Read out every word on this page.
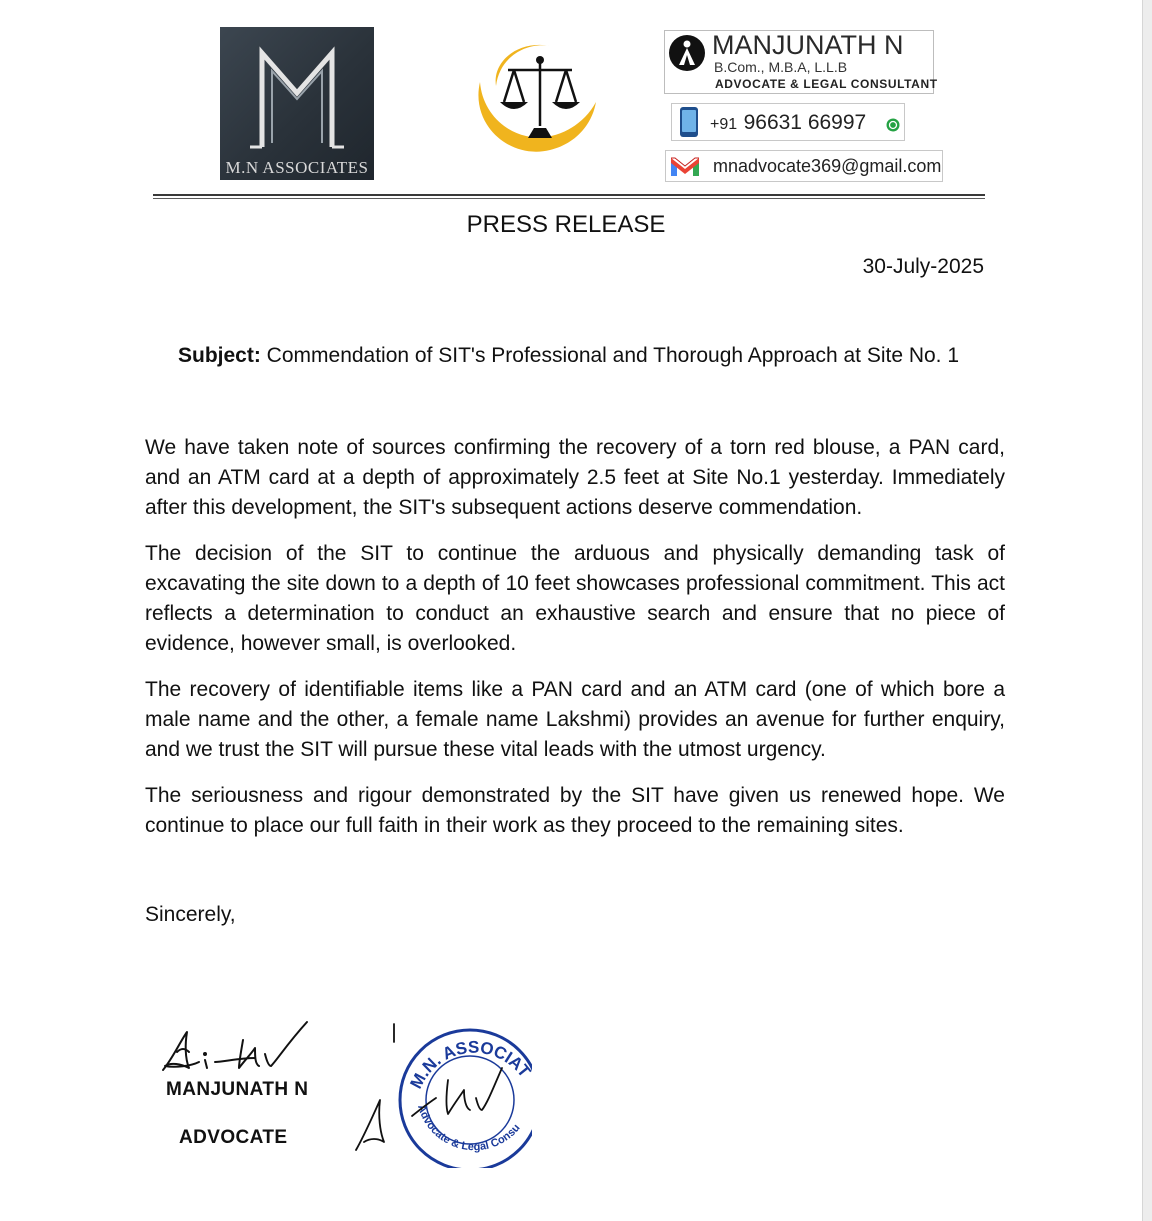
M.N ASSOCIATES
MANJUNATH N
B.Com., M.B.A, L.L.B
ADVOCATE & LEGAL CONSULTANT
+91 96631 66997
mnadvocate369@gmail.com
PRESS RELEASE
30-July-2025
Subject: Commendation of SIT's Professional and Thorough Approach at Site No. 1

We have taken note of sources confirming the recovery of a torn red blouse, a PAN card, and an ATM card at a depth of approximately 2.5 feet at Site No.1 yesterday. Immediately after this development, the SIT's subsequent actions deserve commendation.

The decision of the SIT to continue the arduous and physically demanding task of excavating the site down to a depth of 10 feet showcases professional commitment. This act reflects a determination to conduct an exhaustive search and ensure that no piece of evidence, however small, is overlooked.

The recovery of identifiable items like a PAN card and an ATM card (one of which bore a male name and the other, a female name Lakshmi) provides an avenue for further enquiry, and we trust the SIT will pursue these vital leads with the utmost urgency.

The seriousness and rigour demonstrated by the SIT have given us renewed hope. We continue to place our full faith in their work as they proceed to the remaining sites.

Sincerely,
MANJUNATH N
ADVOCATE
M.N. ASSOCIA
Advocate & Legal Consu
